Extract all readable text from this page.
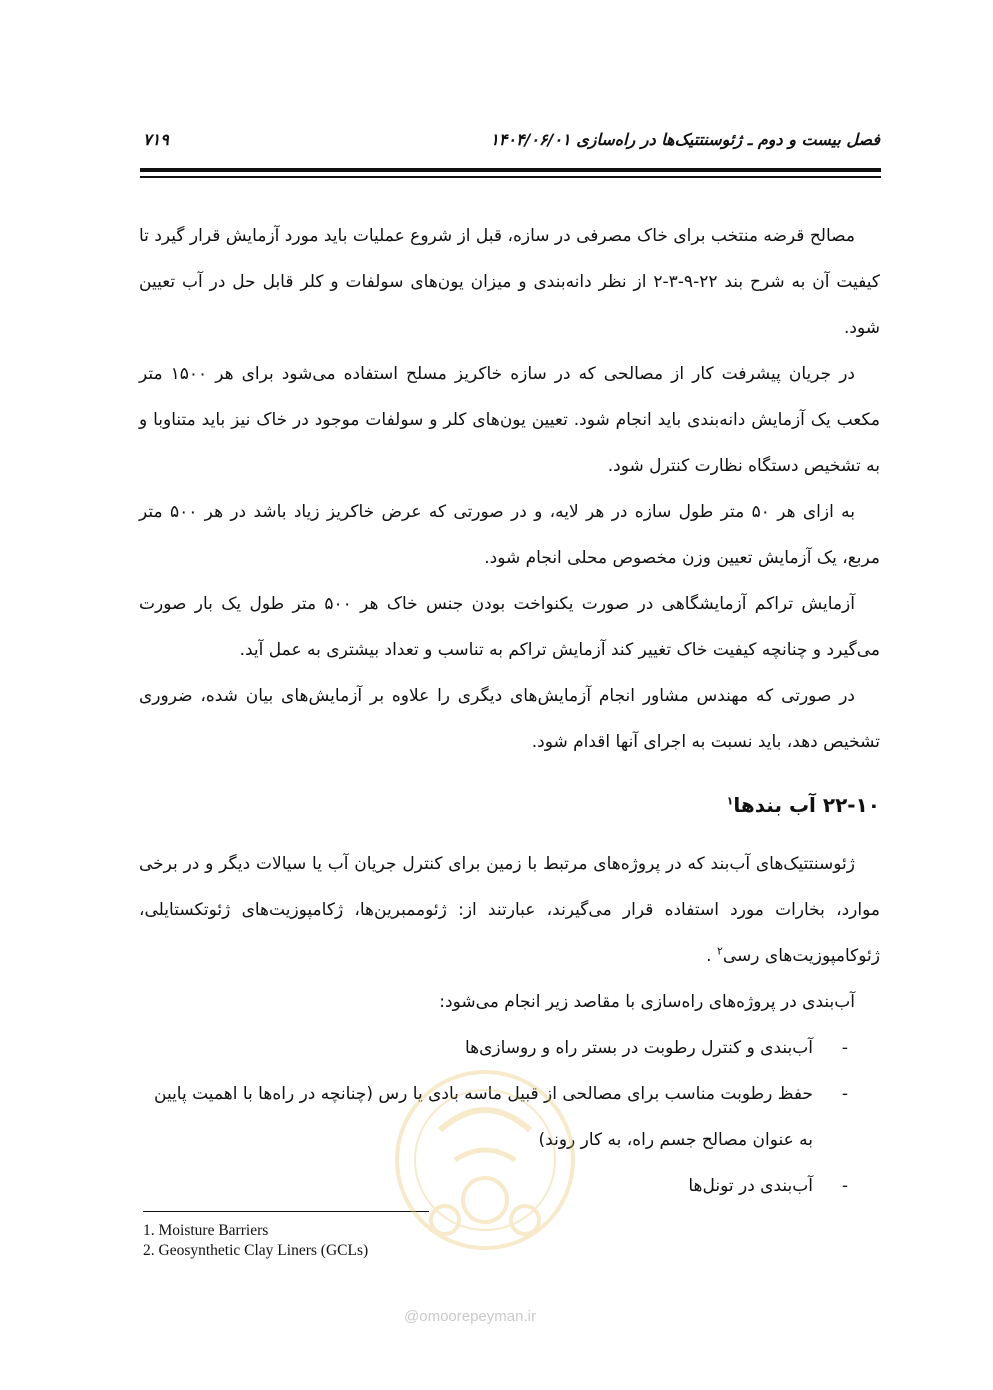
فصل بیست و دوم ـ ژئوسنتتیک‌ها در راه‌سازی ۱۴۰۴/۰۶/۰۱
۷۱۹

مصالح قرضه منتخب برای خاک مصرفی در سازه، قبل از شروع عملیات باید مورد آزمایش قرار گیرد تا کیفیت آن به شرح بند ۲۲-۹-۳-۲ از نظر دانه‌بندی و میزان یون‌های سولفات و کلر قابل حل در آب تعیین شود.

در جریان پیشرفت کار از مصالحی که در سازه خاکریز مسلح استفاده می‌شود برای هر ۱۵۰۰ متر مکعب یک آزمایش دانه‌بندی باید انجام شود. تعیین یون‌های کلر و سولفات موجود در خاک نیز باید متناوبا و به تشخیص دستگاه نظارت کنترل شود.

به ازای هر ۵۰ متر طول سازه در هر لایه، و در صورتی که عرض خاکریز زیاد باشد در هر ۵۰۰ متر مربع، یک آزمایش تعیین وزن مخصوص محلی انجام شود.

آزمایش تراکم آزمایشگاهی در صورت یکنواخت بودن جنس خاک هر ۵۰۰ متر طول یک بار صورت می‌گیرد و چنانچه کیفیت خاک تغییر کند آزمایش تراکم به تناسب و تعداد بیشتری به عمل آید.

در صورتی که مهندس مشاور انجام آزمایش‌های دیگری را علاوه بر آزمایش‌های بیان شده، ضروری تشخیص دهد، باید نسبت به اجرای آنها اقدام شود.

۲۲-۱۰ آب بندها$^۱$

ژئوسنتتیک‌های آب‌بند که در پروژه‌های مرتبط با زمین برای کنترل جریان آب یا سیالات دیگر و در برخی موارد، بخارات مورد استفاده قرار می‌گیرند، عبارتند از: ژئوممبرین‌ها، ژکامپوزیت‌های ژئوتکستایلی، ژئوکامپوزیت‌های رسی$^۲$ .

آب‌بندی در پروژه‌های راه‌سازی با مقاصد زیر انجام می‌شود:

-
آب‌بندی و کنترل رطوبت در بستر راه و روسازی‌ها
-
حفظ رطوبت مناسب برای مصالحی از قبیل ماسه بادی یا رس (چنانچه در راه‌ها با اهمیت پایین به عنوان مصالح جسم راه، به کار روند)
-
آب‌بندی در تونل‌ها
1. Moisture Barriers
2. Geosynthetic Clay Liners (GCLs)
@omoorepeyman.ir
